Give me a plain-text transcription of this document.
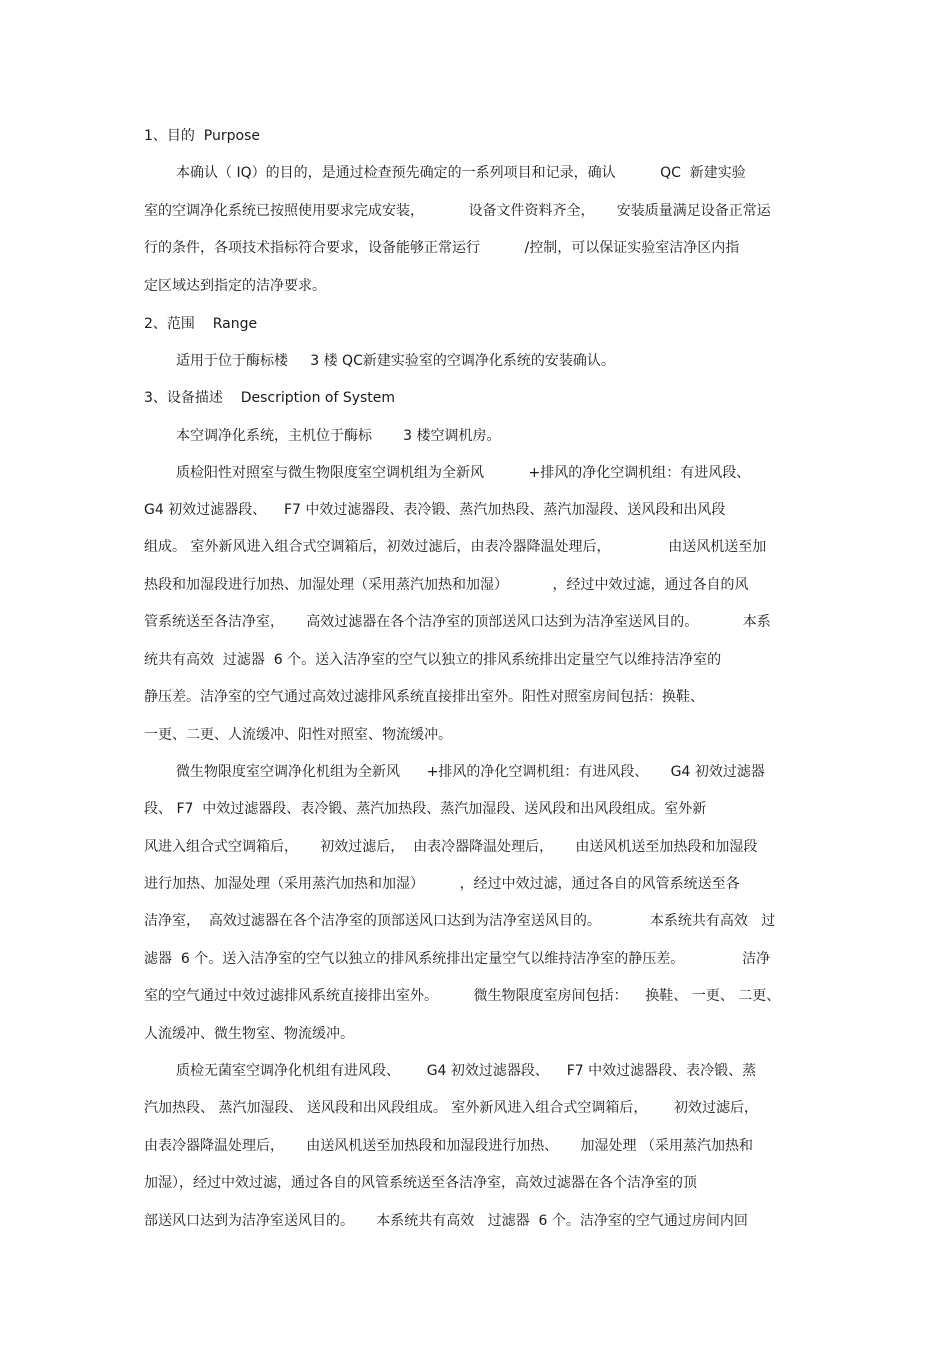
1、目的  Purpose

本确认（ IQ）的目的，是通过检查预先确定的一系列项目和记录，确认          QC  新建实验

室的空调净化系统已按照使用要求完成安装，          设备文件资料齐全，     安装质量满足设备正常运

行的条件，各项技术指标符合要求，设备能够正常运行          /控制，可以保证实验室洁净区内指

定区域达到指定的洁净要求。

2、范围    Range

适用于位于酶标楼     3 楼 QC新建实验室的空调净化系统的安装确认。

3、设备描述    Description of System

本空调净化系统，主机位于酶标       3 楼空调机房。

质检阳性对照室与微生物限度室空调机组为全新风          +排风的净化空调机组：有进风段、

G4 初效过滤器段、    F7 中效过滤器段、表冷锻、蒸汽加热段、蒸汽加湿段、送风段和出风段

组成。 室外新风进入组合式空调箱后，初效过滤后，由表冷器降温处理后，             由送风机送至加

热段和加湿段进行加热、加湿处理（采用蒸汽加热和加湿）          ，经过中效过滤，通过各自的风

管系统送至各洁净室，     高效过滤器在各个洁净室的顶部送风口达到为洁净室送风目的。          本系

统共有高效  过滤器  6 个。送入洁净室的空气以独立的排风系统排出定量空气以维持洁净室的

静压差。洁净室的空气通过高效过滤排风系统直接排出室外。阳性对照室房间包括：换鞋、

一更、二更、人流缓冲、阳性对照室、物流缓冲。

微生物限度室空调净化机组为全新风      +排风的净化空调机组：有进风段、     G4 初效过滤器

段、 F7  中效过滤器段、表冷锻、蒸汽加热段、蒸汽加湿段、送风段和出风段组成。室外新

风进入组合式空调箱后，     初效过滤后，  由表冷器降温处理后，     由送风机送至加热段和加湿段

进行加热、加湿处理（采用蒸汽加热和加湿）        ，经过中效过滤，通过各自的风管系统送至各

洁净室，  高效过滤器在各个洁净室的顶部送风口达到为洁净室送风目的。           本系统共有高效   过

滤器  6 个。送入洁净室的空气以独立的排风系统排出定量空气以维持洁净室的静压差。             洁净

室的空气通过中效过滤排风系统直接排出室外。        微生物限度室房间包括：    换鞋、 一更、 二更、

人流缓冲、微生物室、物流缓冲。

质检无菌室空调净化机组有进风段、      G4 初效过滤器段、    F7 中效过滤器段、表冷锻、蒸

汽加热段、 蒸汽加湿段、 送风段和出风段组成。 室外新风进入组合式空调箱后，      初效过滤后，

由表冷器降温处理后，     由送风机送至加热段和加湿段进行加热、     加湿处理 （采用蒸汽加热和

加湿），经过中效过滤，通过各自的风管系统送至各洁净室，高效过滤器在各个洁净室的顶

部送风口达到为洁净室送风目的。     本系统共有高效   过滤器  6 个。洁净室的空气通过房间内回
